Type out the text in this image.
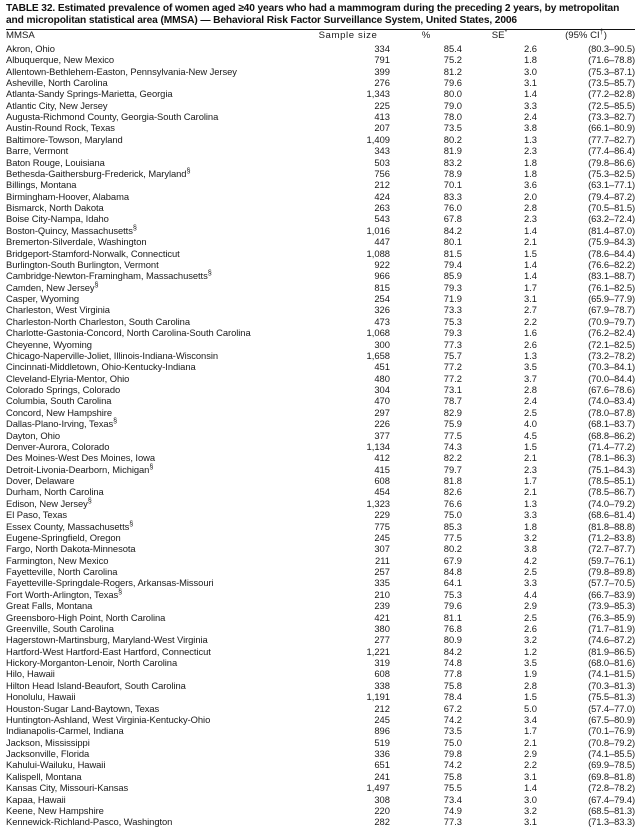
TABLE 32. Estimated prevalence of women aged ≥40 years who had a mammogram during the preceding 2 years, by metropolitan and micropolitan statistical area (MMSA) — Behavioral Risk Factor Surveillance System, United States, 2006
MMSA	Sample size	%	SE*	(95% CI†)
Akron, Ohio	334	85.4	2.6	(80.3–90.5)
Albuquerque, New Mexico	791	75.2	1.8	(71.6–78.8)
Allentown-Bethlehem-Easton, Pennsylvania-New Jersey	399	81.2	3.0	(75.3–87.1)
Asheville, North Carolina	276	79.6	3.1	(73.5–85.7)
Atlanta-Sandy Springs-Marietta, Georgia	1,343	80.0	1.4	(77.2–82.8)
Atlantic City, New Jersey	225	79.0	3.3	(72.5–85.5)
Augusta-Richmond County, Georgia-South Carolina	413	78.0	2.4	(73.3–82.7)
Austin-Round Rock, Texas	207	73.5	3.8	(66.1–80.9)
Baltimore-Towson, Maryland	1,409	80.2	1.3	(77.7–82.7)
Barre, Vermont	343	81.9	2.3	(77.4–86.4)
Baton Rouge, Louisiana	503	83.2	1.8	(79.8–86.6)
Bethesda-Gaithersburg-Frederick, Maryland§	756	78.9	1.8	(75.3–82.5)
Billings, Montana	212	70.1	3.6	(63.1–77.1)
Birmingham-Hoover, Alabama	424	83.3	2.0	(79.4–87.2)
Bismarck, North Dakota	263	76.0	2.8	(70.5–81.5)
Boise City-Nampa, Idaho	543	67.8	2.3	(63.2–72.4)
Boston-Quincy, Massachusetts§	1,016	84.2	1.4	(81.4–87.0)
Bremerton-Silverdale, Washington	447	80.1	2.1	(75.9–84.3)
Bridgeport-Stamford-Norwalk, Connecticut	1,088	81.5	1.5	(78.6–84.4)
Burlington-South Burlington, Vermont	922	79.4	1.4	(76.6–82.2)
Cambridge-Newton-Framingham, Massachusetts§	966	85.9	1.4	(83.1–88.7)
Camden, New Jersey§	815	79.3	1.7	(76.1–82.5)
Casper, Wyoming	254	71.9	3.1	(65.9–77.9)
Charleston, West Virginia	326	73.3	2.7	(67.9–78.7)
Charleston-North Charleston, South Carolina	473	75.3	2.2	(70.9–79.7)
Charlotte-Gastonia-Concord, North Carolina-South Carolina	1,068	79.3	1.6	(76.2–82.4)
Cheyenne, Wyoming	300	77.3	2.6	(72.1–82.5)
Chicago-Naperville-Joliet, Illinois-Indiana-Wisconsin	1,658	75.7	1.3	(73.2–78.2)
Cincinnati-Middletown, Ohio-Kentucky-Indiana	451	77.2	3.5	(70.3–84.1)
Cleveland-Elyria-Mentor, Ohio	480	77.2	3.7	(70.0–84.4)
Colorado Springs, Colorado	304	73.1	2.8	(67.6–78.6)
Columbia, South Carolina	470	78.7	2.4	(74.0–83.4)
Concord, New Hampshire	297	82.9	2.5	(78.0–87.8)
Dallas-Plano-Irving, Texas§	226	75.9	4.0	(68.1–83.7)
Dayton, Ohio	377	77.5	4.5	(68.8–86.2)
Denver-Aurora, Colorado	1,134	74.3	1.5	(71.4–77.2)
Des Moines-West Des Moines, Iowa	412	82.2	2.1	(78.1–86.3)
Detroit-Livonia-Dearborn, Michigan§	415	79.7	2.3	(75.1–84.3)
Dover, Delaware	608	81.8	1.7	(78.5–85.1)
Durham, North Carolina	454	82.6	2.1	(78.5–86.7)
Edison, New Jersey§	1,323	76.6	1.3	(74.0–79.2)
El Paso, Texas	229	75.0	3.3	(68.6–81.4)
Essex County, Massachusetts§	775	85.3	1.8	(81.8–88.8)
Eugene-Springfield, Oregon	245	77.5	3.2	(71.2–83.8)
Fargo, North Dakota-Minnesota	307	80.2	3.8	(72.7–87.7)
Farmington, New Mexico	211	67.9	4.2	(59.7–76.1)
Fayetteville, North Carolina	257	84.8	2.5	(79.8–89.8)
Fayetteville-Springdale-Rogers, Arkansas-Missouri	335	64.1	3.3	(57.7–70.5)
Fort Worth-Arlington, Texas§	210	75.3	4.4	(66.7–83.9)
Great Falls, Montana	239	79.6	2.9	(73.9–85.3)
Greensboro-High Point, North Carolina	421	81.1	2.5	(76.3–85.9)
Greenville, South Carolina	380	76.8	2.6	(71.7–81.9)
Hagerstown-Martinsburg, Maryland-West Virginia	277	80.9	3.2	(74.6–87.2)
Hartford-West Hartford-East Hartford, Connecticut	1,221	84.2	1.2	(81.9–86.5)
Hickory-Morganton-Lenoir, North Carolina	319	74.8	3.5	(68.0–81.6)
Hilo, Hawaii	608	77.8	1.9	(74.1–81.5)
Hilton Head Island-Beaufort, South Carolina	338	75.8	2.8	(70.3–81.3)
Honolulu, Hawaii	1,191	78.4	1.5	(75.5–81.3)
Houston-Sugar Land-Baytown, Texas	212	67.2	5.0	(57.4–77.0)
Huntington-Ashland, West Virginia-Kentucky-Ohio	245	74.2	3.4	(67.5–80.9)
Indianapolis-Carmel, Indiana	896	73.5	1.7	(70.1–76.9)
Jackson, Mississippi	519	75.0	2.1	(70.8–79.2)
Jacksonville, Florida	336	79.8	2.9	(74.1–85.5)
Kahului-Wailuku, Hawaii	651	74.2	2.2	(69.9–78.5)
Kalispell, Montana	241	75.8	3.1	(69.8–81.8)
Kansas City, Missouri-Kansas	1,497	75.5	1.4	(72.8–78.2)
Kapaa, Hawaii	308	73.4	3.0	(67.4–79.4)
Keene, New Hampshire	220	74.9	3.2	(68.5–81.3)
Kennewick-Richland-Pasco, Washington	282	77.3	3.1	(71.3–83.3)
